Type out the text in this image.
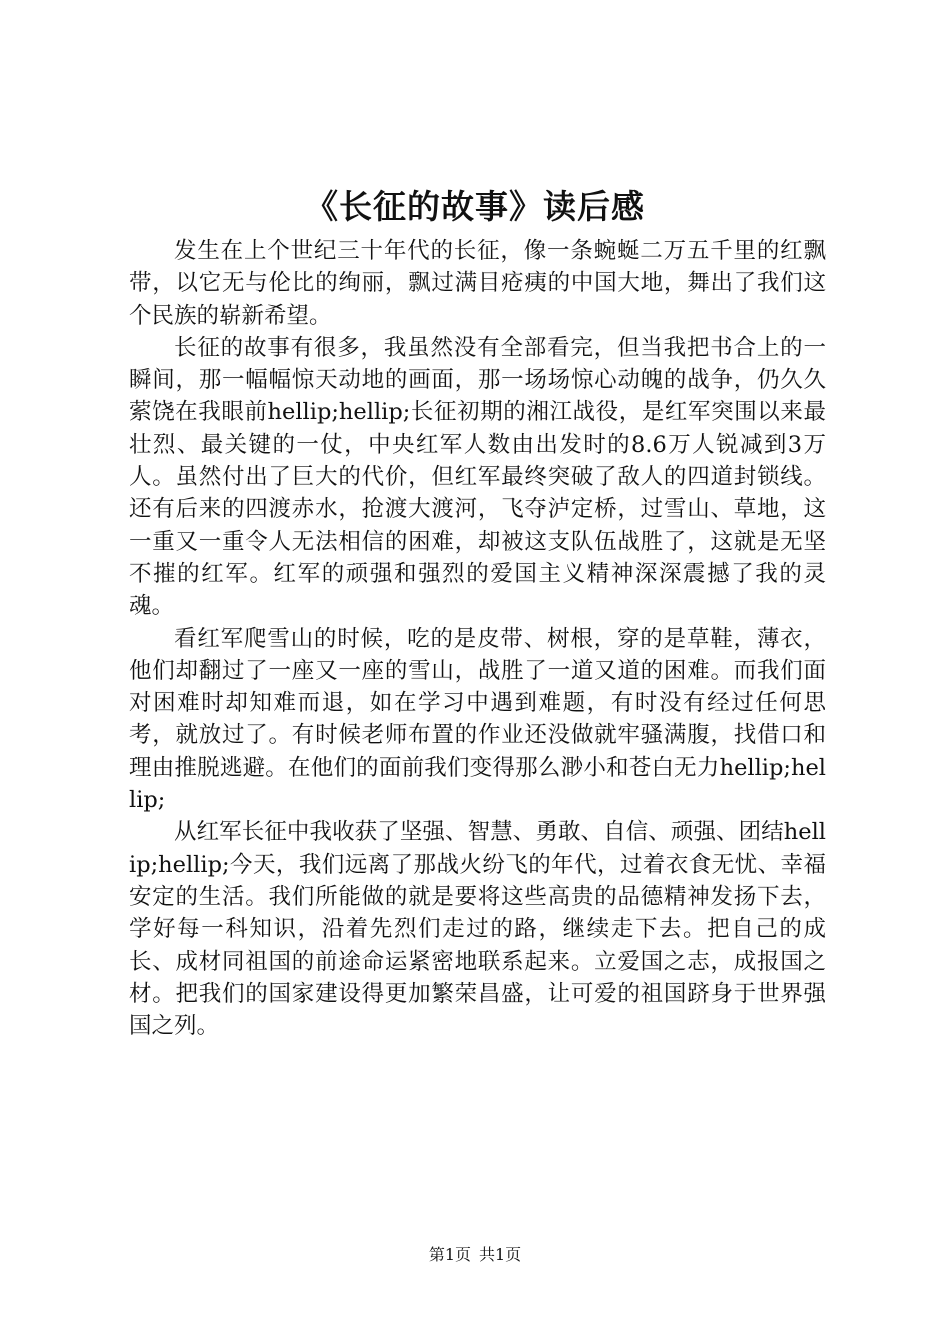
《长征的故事》读后感

发生在上个世纪三十年代的长征，像一条蜿蜒二万五千里的红飘带，以它无与伦比的绚丽，飘过满目疮痍的中国大地，舞出了我们这个民族的崭新希望。

长征的故事有很多，我虽然没有全部看完，但当我把书合上的一瞬间，那一幅幅惊天动地的画面，那一场场惊心动魄的战争，仍久久萦饶在我眼前hellip;hellip;长征初期的湘江战役，是红军突围以来最壮烈、最关键的一仗，中央红军人数由出发时的8.6万人锐减到3万人。虽然付出了巨大的代价，但红军最终突破了敌人的四道封锁线。还有后来的四渡赤水，抢渡大渡河，飞夺泸定桥，过雪山、草地，这一重又一重令人无法相信的困难，却被这支队伍战胜了，这就是无坚不摧的红军。红军的顽强和强烈的爱国主义精神深深震撼了我的灵魂。

看红军爬雪山的时候，吃的是皮带、树根，穿的是草鞋，薄衣，他们却翻过了一座又一座的雪山，战胜了一道又道的困难。而我们面对困难时却知难而退，如在学习中遇到难题，有时没有经过任何思考，就放过了。有时候老师布置的作业还没做就牢骚满腹，找借口和理由推脱逃避。在他们的面前我们变得那么渺小和苍白无力hellip;hellip;

从红军长征中我收获了坚强、智慧、勇敢、自信、顽强、团结hellip;hellip;今天，我们远离了那战火纷飞的年代，过着衣食无忧、幸福安定的生活。我们所能做的就是要将这些高贵的品德精神发扬下去，学好每一科知识，沿着先烈们走过的路，继续走下去。把自己的成长、成材同祖国的前途命运紧密地联系起来。立爱国之志，成报国之材。把我们的国家建设得更加繁荣昌盛，让可爱的祖国跻身于世界强国之列。

第1页 共1页
